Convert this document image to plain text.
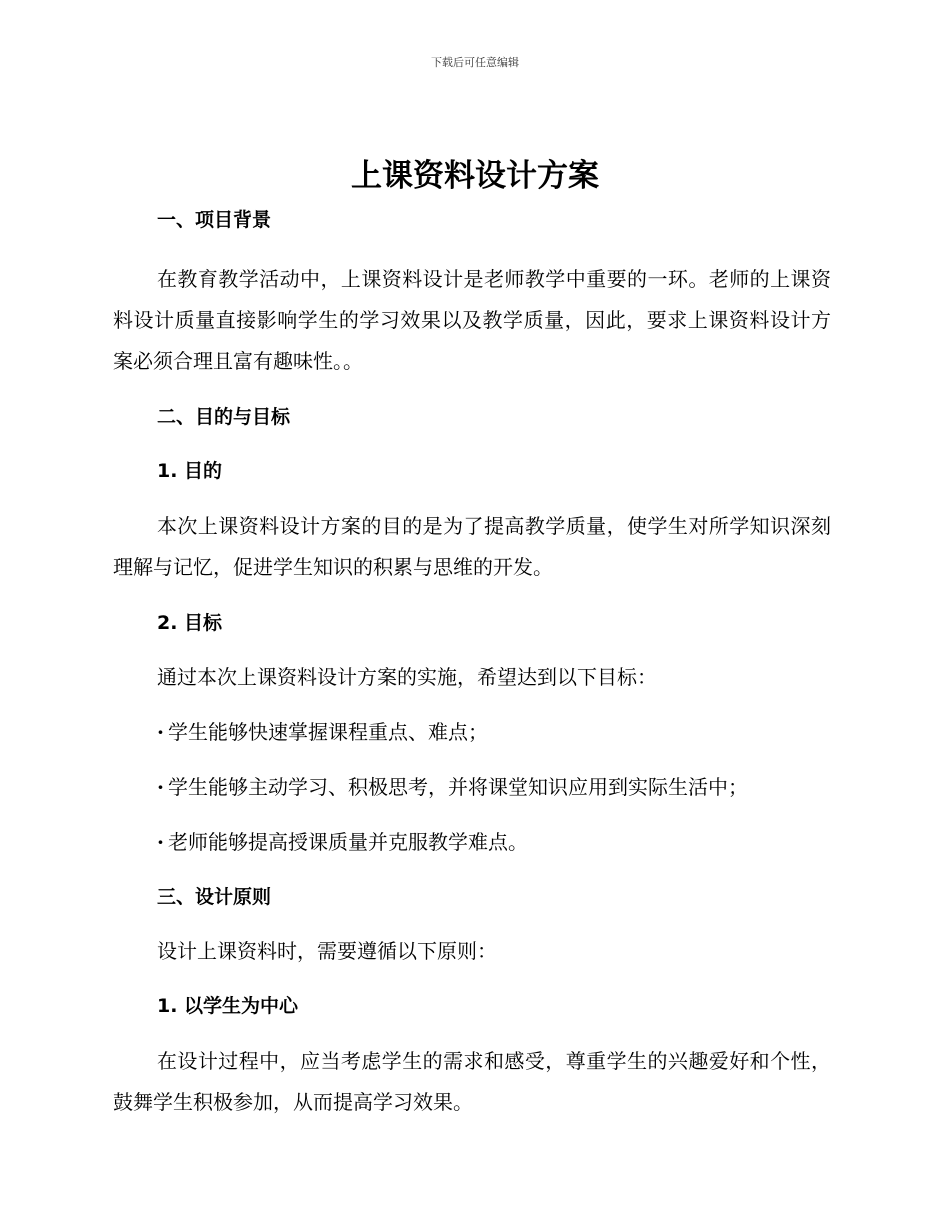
下载后可任意编辑
上课资料设计方案

一、项目背景

在教育教学活动中，上课资料设计是老师教学中重要的一环。老师的上课资料设计质量直接影响学生的学习效果以及教学质量，因此，要求上课资料设计方案必须合理且富有趣味性。。

二、目的与目标

1. 目的

本次上课资料设计方案的目的是为了提高教学质量，使学生对所学知识深刻理解与记忆，促进学生知识的积累与思维的开发。

2. 目标

通过本次上课资料设计方案的实施，希望达到以下目标：

· 学生能够快速掌握课程重点、难点；

· 学生能够主动学习、积极思考，并将课堂知识应用到实际生活中；

· 老师能够提高授课质量并克服教学难点。

三、设计原则

设计上课资料时，需要遵循以下原则：

1. 以学生为中心

在设计过程中，应当考虑学生的需求和感受，尊重学生的兴趣爱好和个性，鼓舞学生积极参加，从而提高学习效果。
